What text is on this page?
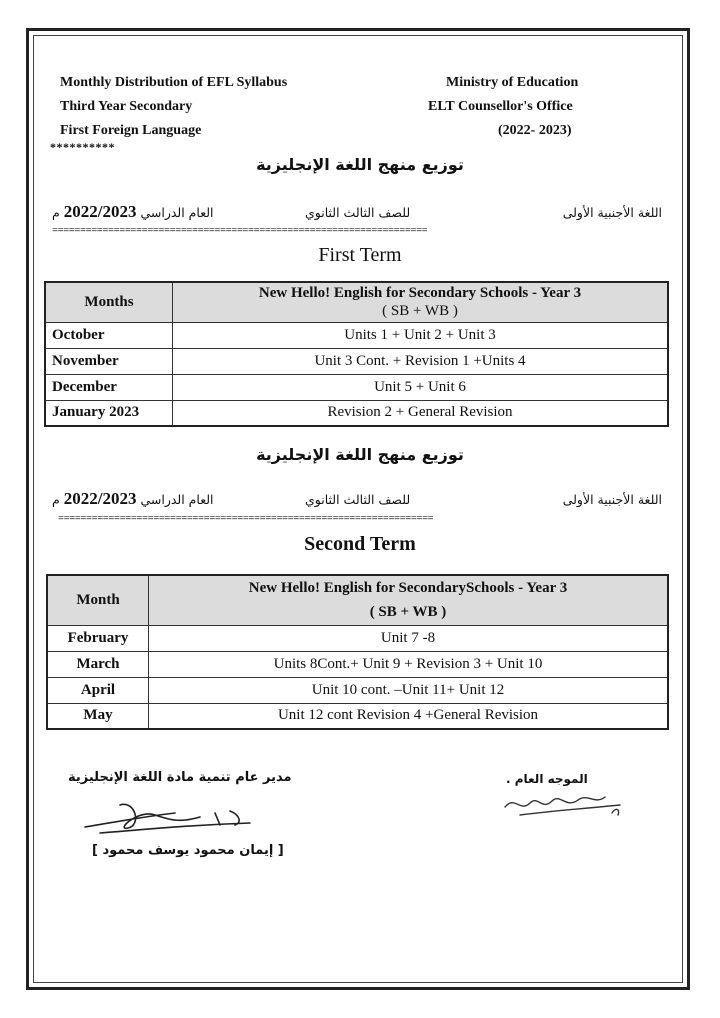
Monthly Distribution of EFL Syllabus
Third Year Secondary
First Foreign Language
Ministry of Education
ELT Counsellor's Office
(2022- 2023)
**********
توزيع منهج اللغة الإنجليزية
اللغة الأجنبية الأولى
للصف الثالث الثانوي
العام الدراسي 2022/2023 م
===================================================================
First Term
Months	New Hello! English for Secondary Schools - Year 3
( SB + WB )

October	Units 1 + Unit 2 + Unit 3
November	Unit 3 Cont. + Revision 1 +Units 4
December	Unit 5 + Unit 6
January 2023	Revision 2 + General Revision
توزيع منهج اللغة الإنجليزية
اللغة الأجنبية الأولى
للصف الثالث الثانوي
العام الدراسي 2022/2023 م
===================================================================
Second Term
Month	New Hello! English for SecondarySchools - Year 3
( SB + WB )

February	Unit 7 -8
March	Units 8Cont.+ Unit 9 + Revision 3 + Unit 10
April	Unit 10 cont. –Unit 11+ Unit 12
May	Unit 12 cont Revision 4 +General Revision
مدير عام تنمية مادة اللغة الإنجليزية
[ إيمان محمود يوسف محمود ]
الموجه العام .
